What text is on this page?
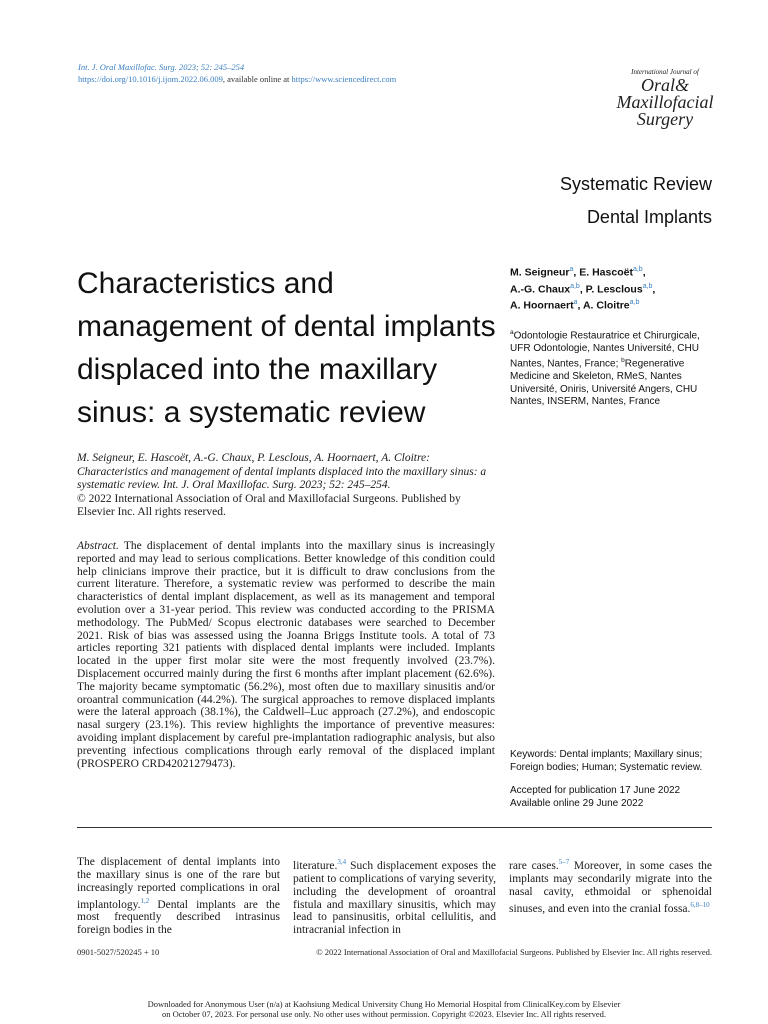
Int. J. Oral Maxillofac. Surg. 2023; 52: 245–254
https://doi.org/10.1016/j.ijom.2022.06.009, available online at https://www.sciencedirect.com
International Journal of
Oral&
Maxillofacial
Surgery
Systematic Review
Dental Implants
Characteristics and management of dental implants displaced into the maxillary sinus: a systematic review
M. Seigneur$^a$, E. Hascoët$^{a,b}$,
A.-G. Chaux$^{a,b}$, P. Lesclous$^{a,b}$,
A. Hoornaert$^a$, A. Cloitre$^{a,b}$
$^a$Odontologie Restauratrice et Chirurgicale, UFR Odontologie, Nantes Université, CHU Nantes, Nantes, France; $^b$Regenerative Medicine and Skeleton, RMeS, Nantes Université, Oniris, Université Angers, CHU Nantes, INSERM, Nantes, France
M. Seigneur, E. Hascoët, A.-G. Chaux, P. Lesclous, A. Hoornaert, A. Cloitre: Characteristics and management of dental implants displaced into the maxillary sinus: a systematic review. Int. J. Oral Maxillofac. Surg. 2023; 52: 245–254.
© 2022 International Association of Oral and Maxillofacial Surgeons. Published by Elsevier Inc. All rights reserved.
Abstract. The displacement of dental implants into the maxillary sinus is increasingly reported and may lead to serious complications. Better knowledge of this condition could help clinicians improve their practice, but it is difficult to draw conclusions from the current literature. Therefore, a systematic review was performed to describe the main characteristics of dental implant displacement, as well as its management and temporal evolution over a 31-year period. This review was conducted according to the PRISMA methodology. The PubMed/ Scopus electronic databases were searched to December 2021. Risk of bias was assessed using the Joanna Briggs Institute tools. A total of 73 articles reporting 321 patients with displaced dental implants were included. Implants located in the upper first molar site were the most frequently involved (23.7%). Displacement occurred mainly during the first 6 months after implant placement (62.6%). The majority became symptomatic (56.2%), most often due to maxillary sinusitis and/or oroantral communication (44.2%). The surgical approaches to remove displaced implants were the lateral approach (38.1%), the Caldwell–Luc approach (27.2%), and endoscopic nasal surgery (23.1%). This review highlights the importance of preventive measures: avoiding implant displacement by careful pre-implantation radiographic analysis, but also preventing infectious complications through early removal of the displaced implant (PROSPERO CRD42021279473).
Keywords: Dental implants; Maxillary sinus; Foreign bodies; Human; Systematic review.
Accepted for publication 17 June 2022
Available online 29 June 2022
The displacement of dental implants into the maxillary sinus is one of the rare but increasingly reported complications in oral implantology.$^{1,2}$ Dental implants are the most frequently described intrasinus foreign bodies in the
literature.$^{3,4}$ Such displacement exposes the patient to complications of varying severity, including the development of oroantral fistula and maxillary sinusitis, which may lead to pansinusitis, orbital cellulitis, and intracranial infection in
rare cases.$^{5-7}$ Moreover, in some cases the implants may secondarily migrate into the nasal cavity, ethmoidal or sphenoidal sinuses, and even into the cranial fossa.$^{6,8-10}$
0901-5027/520245 + 10	© 2022 International Association of Oral and Maxillofacial Surgeons. Published by Elsevier Inc. All rights reserved.
Downloaded for Anonymous User (n/a) at Kaohsiung Medical University Chung Ho Memorial Hospital from ClinicalKey.com by Elsevier
on October 07, 2023. For personal use only. No other uses without permission. Copyright ©2023. Elsevier Inc. All rights reserved.
